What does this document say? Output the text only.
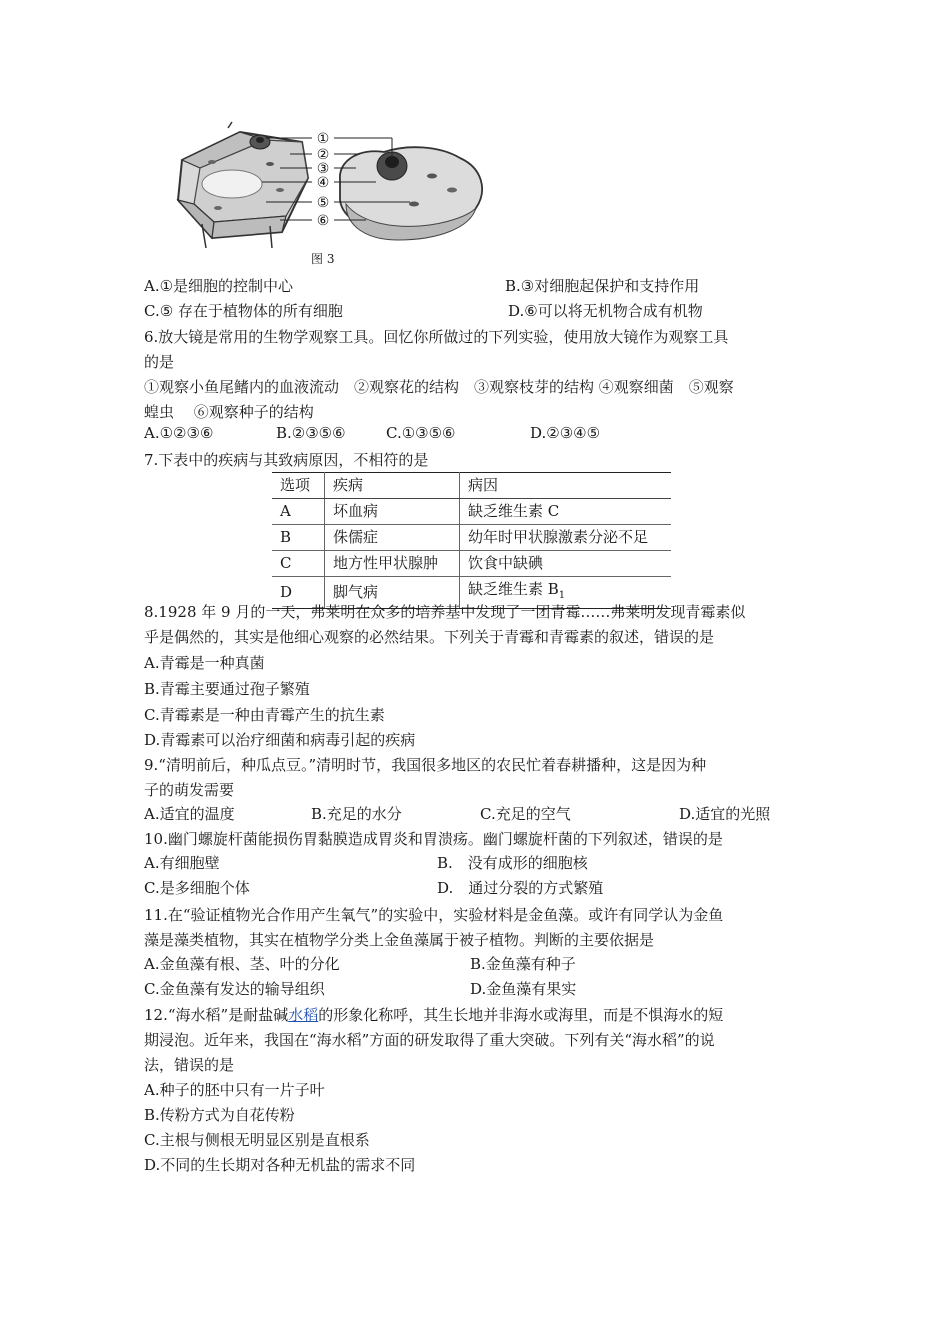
①
②
③
④
⑤
⑥
图 3
A.①是细胞的控制中心	B.③对细胞起保护和支持作用
C.⑤ 存在于植物体的所有细胞	D.⑥可以将无机物合成有机物
6.放大镜是常用的生物学观察工具。回忆你所做过的下列实验，使用放大镜作为观察工具
的是
①观察小鱼尾鳍内的血液流动　②观察花的结构　③观察枝芽的结构 ④观察细菌　⑤观察
蝗虫　 ⑥观察种子的结构
A.①②③⑥	B.②③⑤⑥	C.①③⑤⑥	D.②③④⑤
7.下表中的疾病与其致病原因，不相符的是
选项	疾病	病因
A	坏血病	缺乏维生素 C
B	侏儒症	幼年时甲状腺激素分泌不足
C	地方性甲状腺肿	饮食中缺碘
D	脚气病	缺乏维生素 $B_1$
8.1928 年 9 月的一天，弗莱明在众多的培养基中发现了一团青霉……弗莱明发现青霉素似
乎是偶然的，其实是他细心观察的必然结果。下列关于青霉和青霉素的叙述，错误的是
A.青霉是一种真菌
B.青霉主要通过孢子繁殖
C.青霉素是一种由青霉产生的抗生素
D.青霉素可以治疗细菌和病毒引起的疾病
9.“清明前后，种瓜点豆。”清明时节，我国很多地区的农民忙着春耕播种，这是因为种
子的萌发需要
A.适宜的温度	B.充足的水分	C.充足的空气	D.适宜的光照
10.幽门螺旋杆菌能损伤胃黏膜造成胃炎和胃溃疡。幽门螺旋杆菌的下列叙述，错误的是
A.有细胞壁	B.　没有成形的细胞核
C.是多细胞个体	D.　通过分裂的方式繁殖
11.在“验证植物光合作用产生氧气”的实验中，实验材料是金鱼藻。或许有同学认为金鱼
藻是藻类植物，其实在植物学分类上金鱼藻属于被子植物。判断的主要依据是
A.金鱼藻有根、茎、叶的分化	B.金鱼藻有种子
C.金鱼藻有发达的输导组织	D.金鱼藻有果实
12.“海水稻”是耐盐碱水稻的形象化称呼，其生长地并非海水或海里，而是不惧海水的短
期浸泡。近年来，我国在“海水稻”方面的研发取得了重大突破。下列有关“海水稻”的说
法，错误的是
A.种子的胚中只有一片子叶
B.传粉方式为自花传粉
C.主根与侧根无明显区别是直根系
D.不同的生长期对各种无机盐的需求不同
